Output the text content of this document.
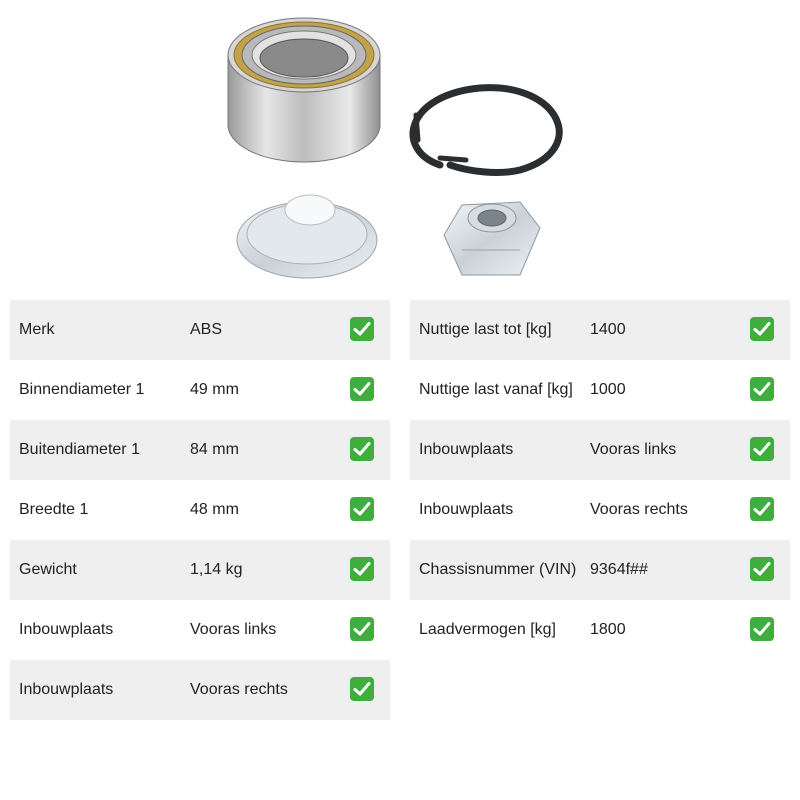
Merk	ABS
Binnendiameter 1	49 mm
Buitendiameter 1	84 mm
Breedte 1	48 mm
Gewicht	1,14 kg
Inbouwplaats	Vooras links
Inbouwplaats	Vooras rechts
Nuttige last tot [kg] 1400
Nuttige last vanaf [kg] 1000
Inbouwplaats	Vooras links
Inbouwplaats	Vooras rechts
Chassisnummer (VIN) 9364f##
Laadvermogen [kg] 1800
